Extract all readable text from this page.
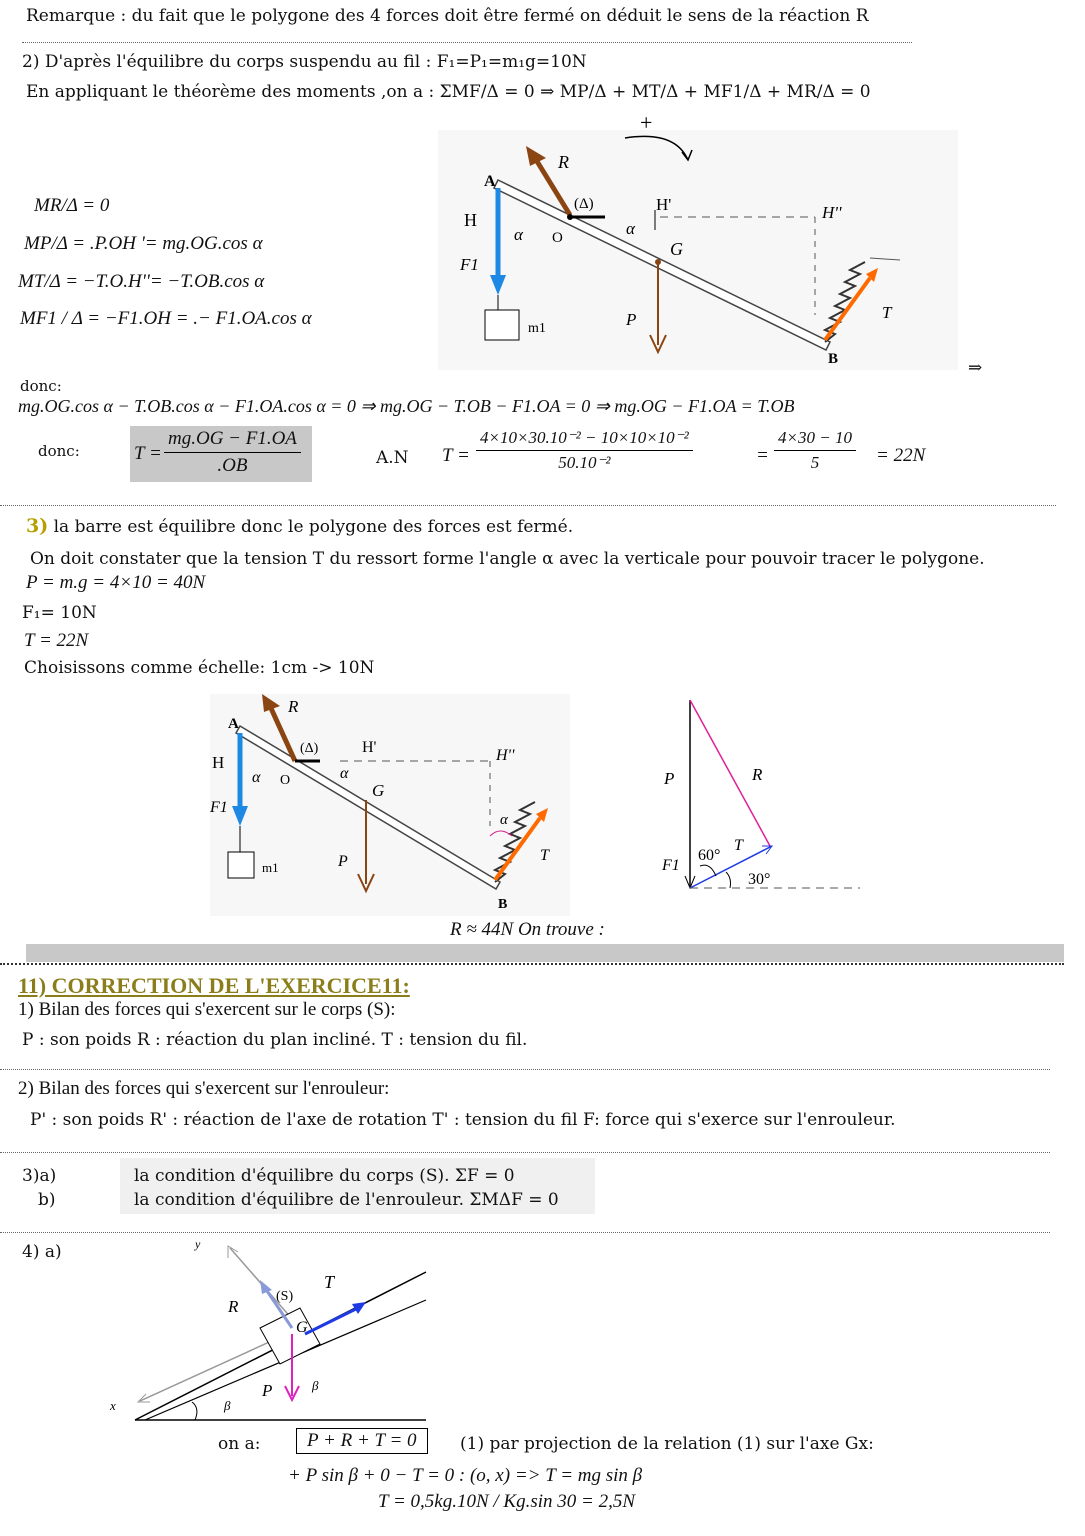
Remarque : du fait que le polygone des 4 forces doit être fermé on déduit le sens de la réaction R
2) D'après l'équilibre du corps suspendu au fil : F₁=P₁=m₁g=10N
En appliquant le théorème des moments ,on a : ΣMF/Δ = 0 ⇒ MP/Δ + MT/Δ + MF1/Δ + MR/Δ = 0
MR/Δ = 0
MP/Δ = .P.OH '= mg.OG.cos α
MT/Δ = −T.O.H''= −T.OB.cos α
MF1 / Δ = −F1.OH = .− F1.OA.cos α
+
A
H
(Δ)
O
α	α
H'	H''
G
F1
P
m1
T
B
R
⇒
donc:
mg.OG.cos α − T.OB.cos α − F1.OA.cos α = 0 ⇒ mg.OG − T.OB − F1.OA = 0 ⇒ mg.OG − F1.OA = T.OB
donc:	$T = \frac{mg.OG - F1.OA}{.OB}$	A.N $T = \frac{\text{4×10×30.10⁻² − 10×10×10⁻²}}{\text{50.10⁻²}}$	= $\frac{4\times 30 - 10}{5} = 22N$
3) la barre est équilibre donc le polygone des forces est fermé.
On doit constater que la tension T du ressort forme l'angle α avec la verticale pour pouvoir tracer le polygone.
P = m.g = 4×10 = 40N
F₁= 10N
T = 22N
Choisissons comme échelle: 1cm -> 10N
A
H
(Δ)
O
α	α
H'	H''
G
F1
P
m1
T
B
R
α
P	R
F1
60°
T
30°
R ≈ 44N On trouve :
11) CORRECTION DE L'EXERCICE11:
1) Bilan des forces qui s'exercent sur le corps (S):
P : son poids R : réaction du plan incliné. T : tension du fil.
2) Bilan des forces qui s'exercent sur l'enrouleur:
P' : son poids R' : réaction de l'axe de rotation T' : tension du fil F: force qui s'exerce sur l'enrouleur.
3)a)	la condition d'équilibre du corps (S). ΣF = 0
b)	la condition d'équilibre de l'enrouleur. ΣMΔF = 0
4) a)	y
T
R
(S)
G
P	β
x	β
on a:	P + R + T = 0	(1) par projection de la relation (1) sur l'axe Gx:
+ P sin β + 0 − T = 0 : (o, x) => T = mg sin β
T = 0,5kg.10N / Kg.sin 30 = 2,5N
